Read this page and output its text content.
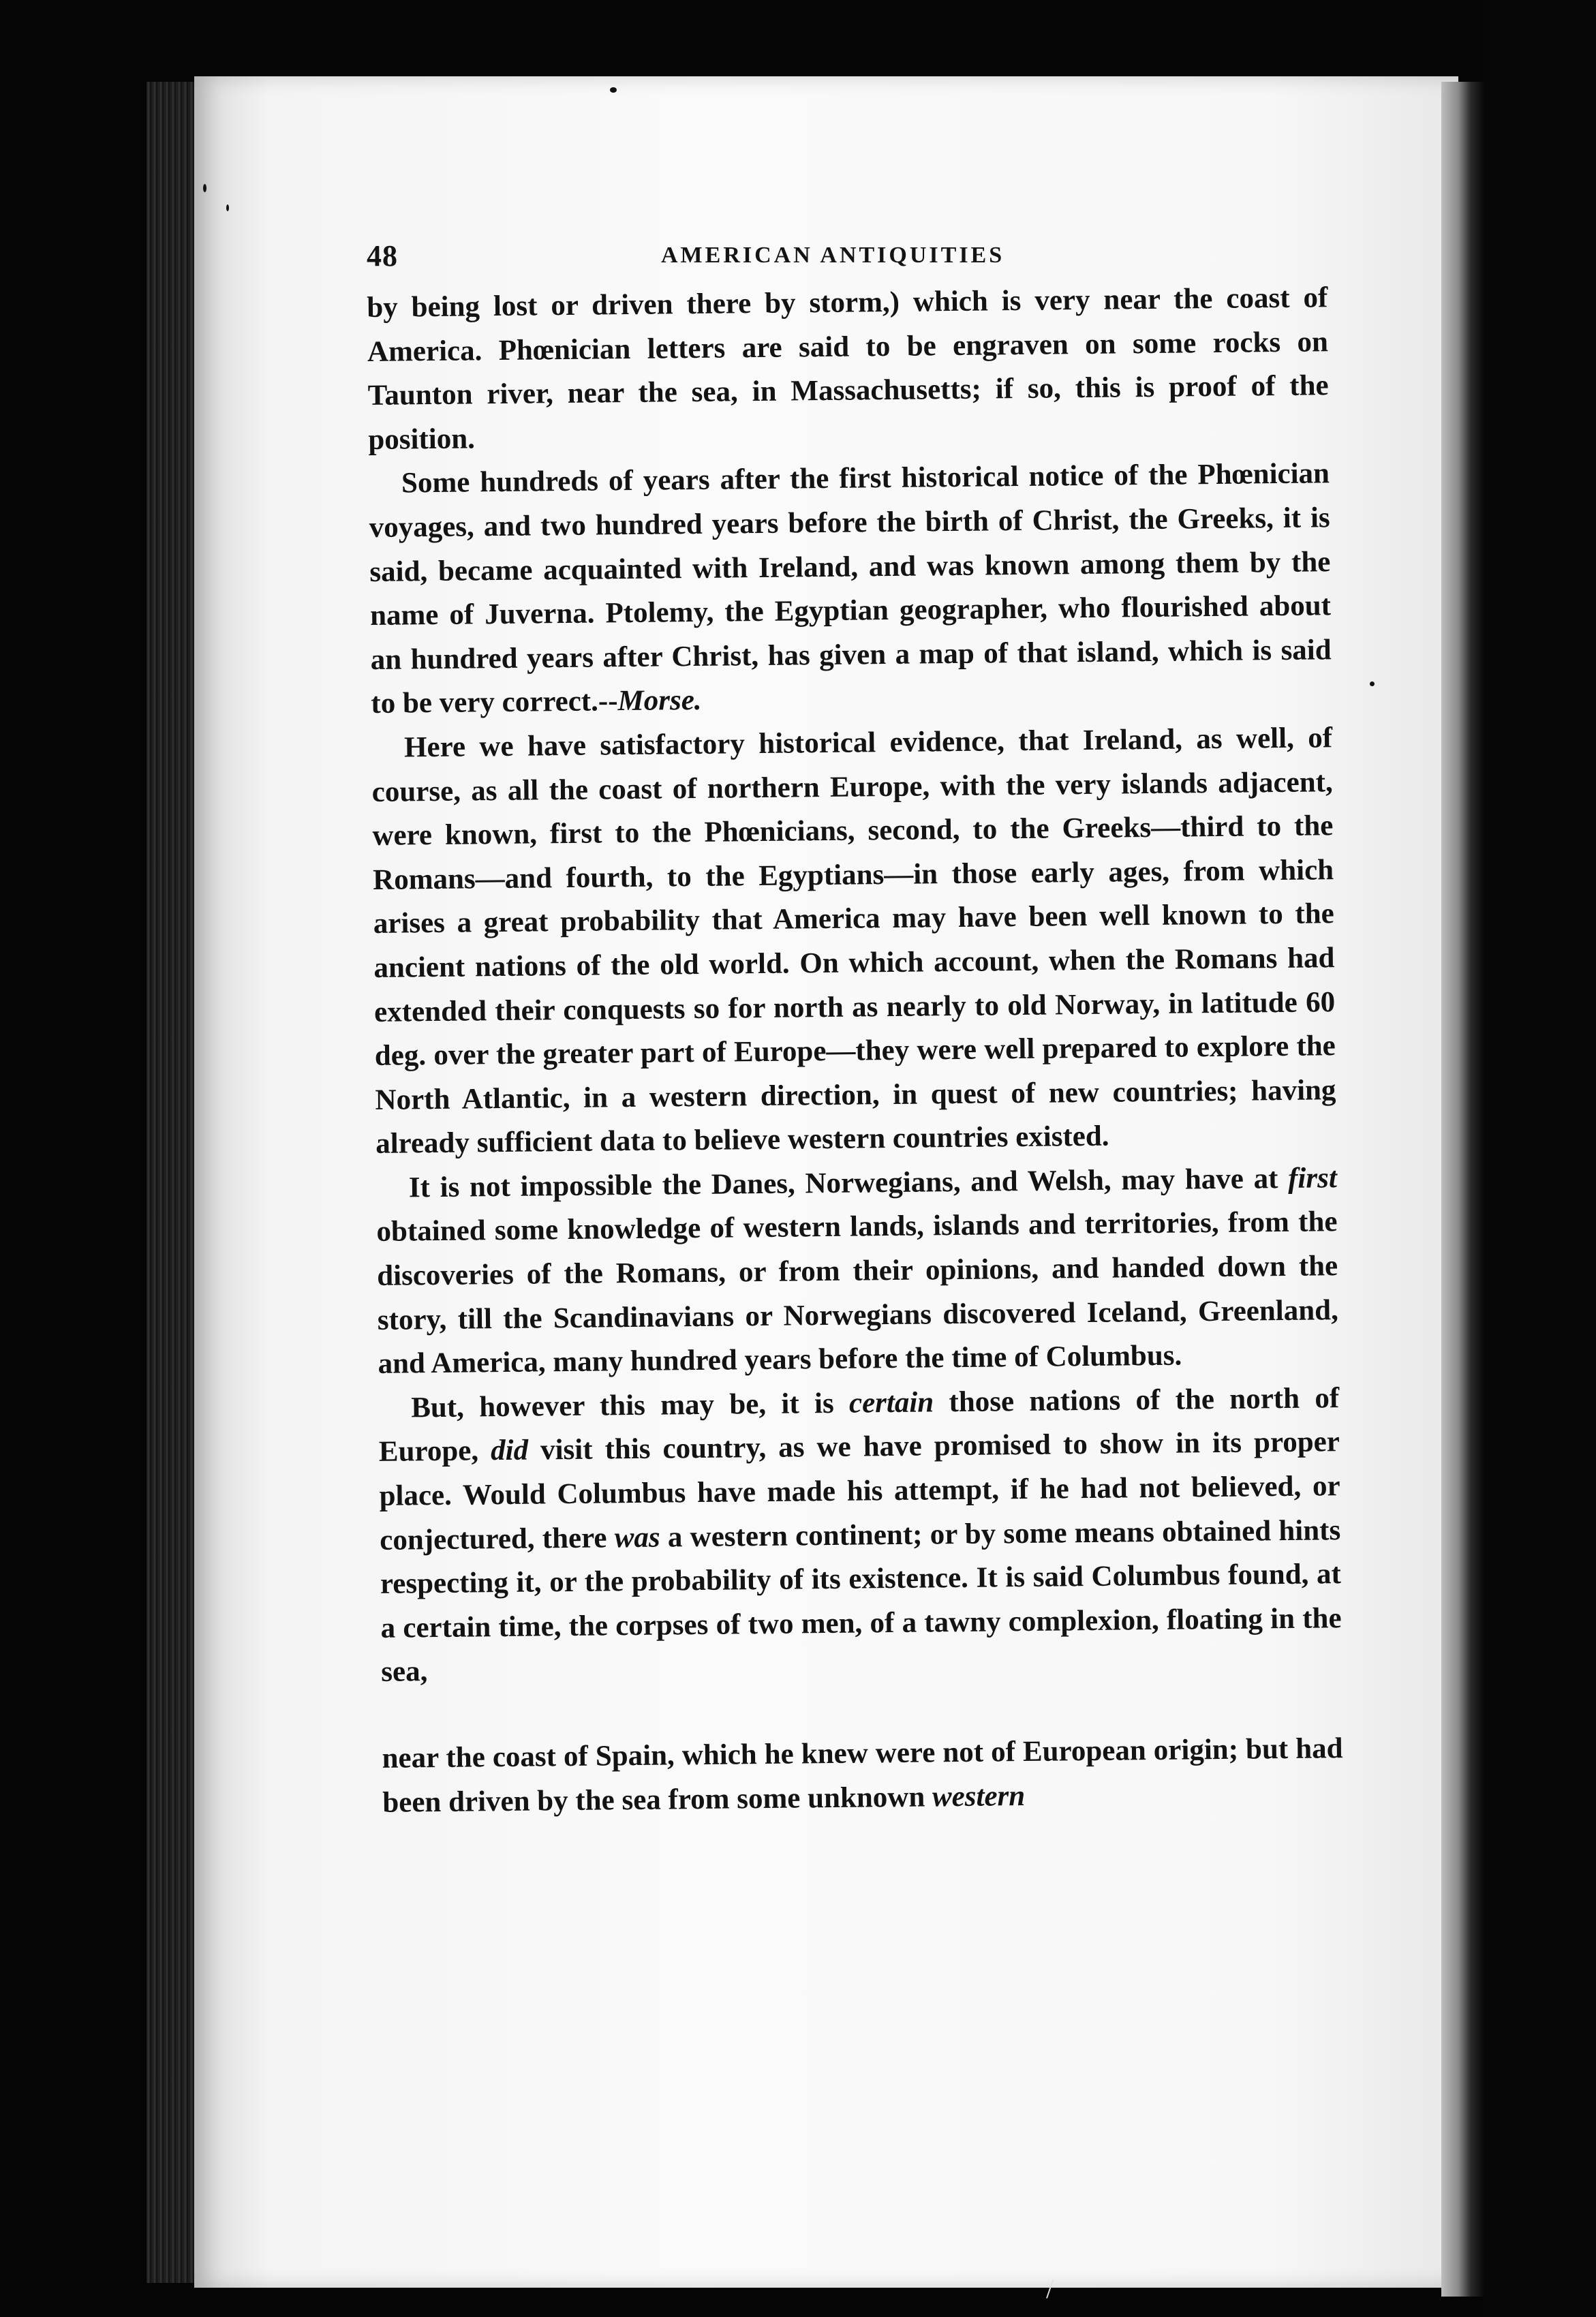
48	AMERICAN ANTIQUITIES

by being lost or driven there by storm,) which is very near the coast of America. Phœnician letters are said to be engraven on some rocks on Taunton river, near the sea, in Massachusetts; if so, this is proof of the position.

Some hundreds of years after the first historical notice of the Phœnician voyages, and two hundred years before the birth of Christ, the Greeks, it is said, became acquainted with Ireland, and was known among them by the name of Juverna. Ptolemy, the Egyptian geographer, who flourished about an hundred years after Christ, has given a map of that island, which is said to be very correct.--Morse.

Here we have satisfactory historical evidence, that Ireland, as well, of course, as all the coast of northern Europe, with the very islands adjacent, were known, first to the Phœnicians, second, to the Greeks—third to the Romans—and fourth, to the Egyptians—in those early ages, from which arises a great probability that America may have been well known to the ancient nations of the old world. On which account, when the Romans had extended their conquests so for north as nearly to old Norway, in latitude 60 deg. over the greater part of Europe—they were well prepared to explore the North Atlantic, in a western direction, in quest of new countries; having already sufficient data to believe western countries existed.

It is not impossible the Danes, Norwegians, and Welsh, may have at first obtained some knowledge of western lands, islands and territories, from the discoveries of the Romans, or from their opinions, and handed down the story, till the Scandinavians or Norwegians discovered Iceland, Greenland, and America, many hundred years before the time of Columbus.

But, however this may be, it is certain those nations of the north of Europe, did visit this country, as we have promised to show in its proper place. Would Columbus have made his attempt, if he had not believed, or conjectured, there was a western continent; or by some means obtained hints respecting it, or the probability of its existence. It is said Columbus found, at a certain time, the corpses of two men, of a tawny complexion, floating in the sea,

near the coast of Spain, which he knew were not of European origin; but had been driven by the sea from some unknown western

/
